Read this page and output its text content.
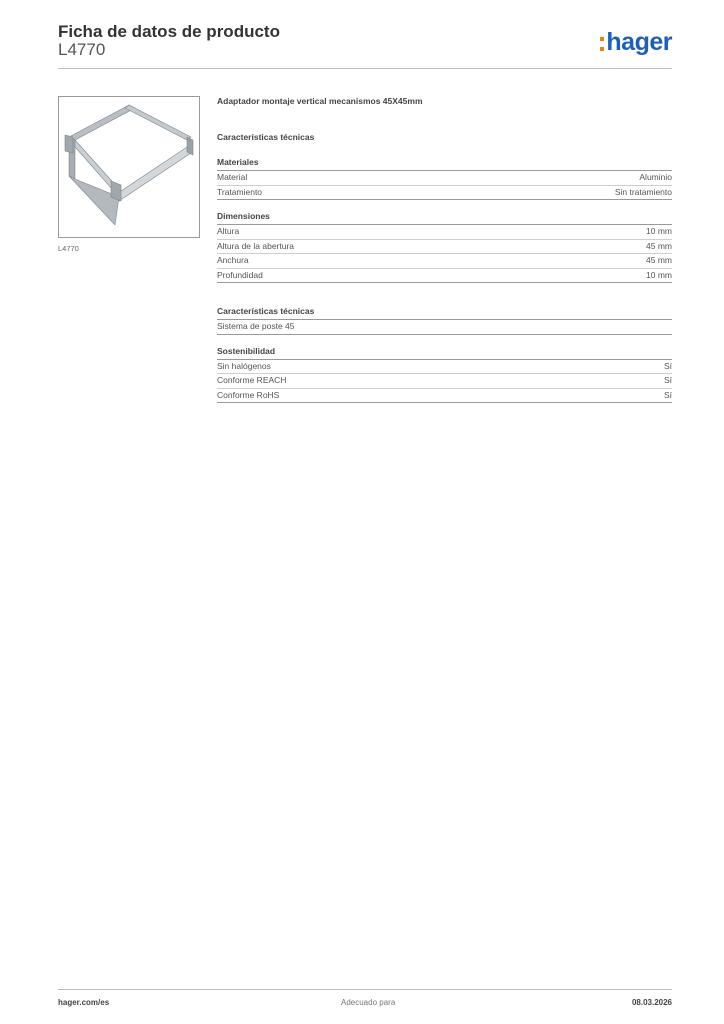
Ficha de datos de producto
L4770	hager
L4770

Adaptador montaje vertical mecanismos 45X45mm

Características técnicas
Materiales
Material	Aluminio
Tratamiento	Sin tratamiento
Dimensiones
Altura	10 mm
Altura de la abertura	45 mm
Anchura	45 mm
Profundidad	10 mm
Características técnicas
Sistema de poste 45
Sostenibilidad
Sin halógenos	Sí
Conforme REACH	Sí
Conforme RoHS	Sí
hager.com/es	Adecuado para	08.03.2026
